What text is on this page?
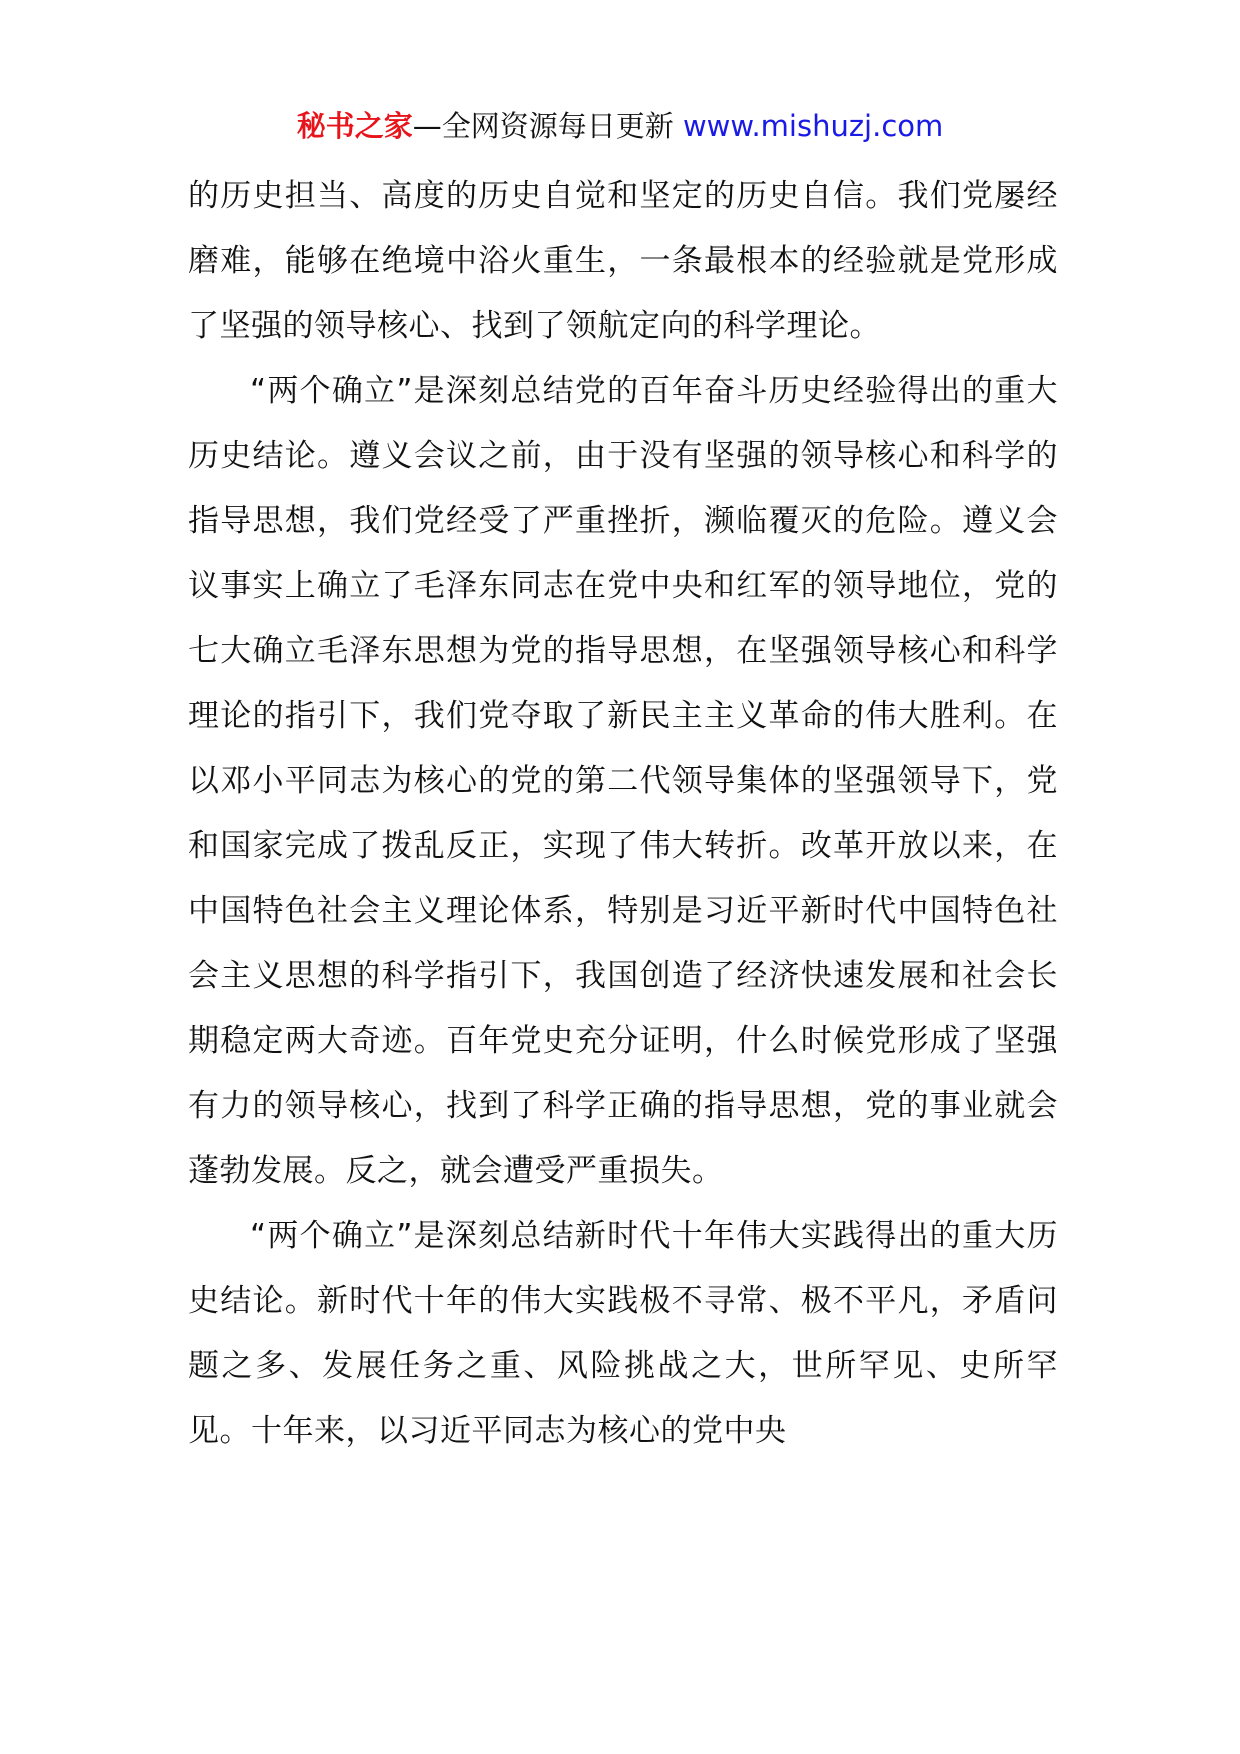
秘书之家—全网资源每日更新 www.mishuzj.com

的历史担当、高度的历史自觉和坚定的历史自信。我们党屡经磨难，能够在绝境中浴火重生，一条最根本的经验就是党形成了坚强的领导核心、找到了领航定向的科学理论。

“两个确立”是深刻总结党的百年奋斗历史经验得出的重大历史结论。遵义会议之前，由于没有坚强的领导核心和科学的指导思想，我们党经受了严重挫折，濒临覆灭的危险。遵义会议事实上确立了毛泽东同志在党中央和红军的领导地位，党的七大确立毛泽东思想为党的指导思想，在坚强领导核心和科学理论的指引下，我们党夺取了新民主主义革命的伟大胜利。在以邓小平同志为核心的党的第二代领导集体的坚强领导下，党和国家完成了拨乱反正，实现了伟大转折。改革开放以来，在中国特色社会主义理论体系，特别是习近平新时代中国特色社会主义思想的科学指引下，我国创造了经济快速发展和社会长期稳定两大奇迹。百年党史充分证明，什么时候党形成了坚强有力的领导核心，找到了科学正确的指导思想，党的事业就会蓬勃发展。反之，就会遭受严重损失。

“两个确立”是深刻总结新时代十年伟大实践得出的重大历史结论。新时代十年的伟大实践极不寻常、极不平凡，矛盾问题之多、发展任务之重、风险挑战之大，世所罕见、史所罕见。十年来，以习近平同志为核心的党中央
